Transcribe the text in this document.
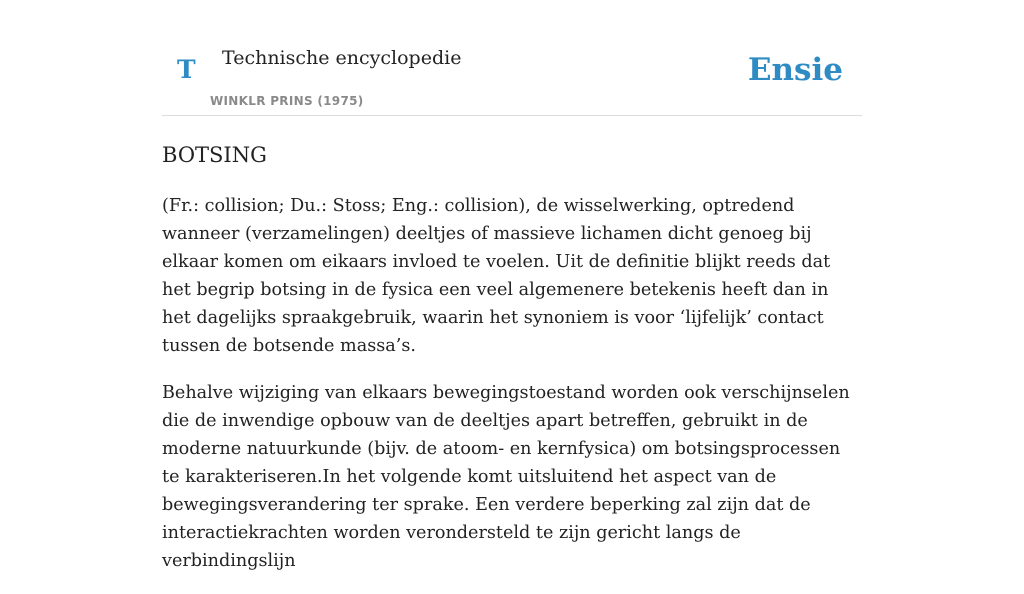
T Technische encyclopedie
WINKLR PRINS (1975)
Ensie
BOTSING

(Fr.: collision; Du.: Stoss; Eng.: collision), de wisselwerking, optredend wanneer (verzamelingen) deeltjes of massieve lichamen dicht genoeg bij elkaar komen om eikaars invloed te voelen. Uit de definitie blijkt reeds dat het begrip botsing in de fysica een veel algemenere betekenis heeft dan in het dagelijks spraakgebruik, waarin het synoniem is voor ‘lijfelijk’ contact tussen de botsende massa’s.

Behalve wijziging van elkaars bewegingstoestand worden ook verschijnselen die de inwendige opbouw van de deeltjes apart betreffen, gebruikt in de moderne natuurkunde (bijv. de atoom- en kernfysica) om botsingsprocessen te karakteriseren.In het volgende komt uitsluitend het aspect van de bewegingsverandering ter sprake. Een verdere beperking zal zijn dat de interactiekrachten worden verondersteld te zijn gericht langs de verbindingslijn
